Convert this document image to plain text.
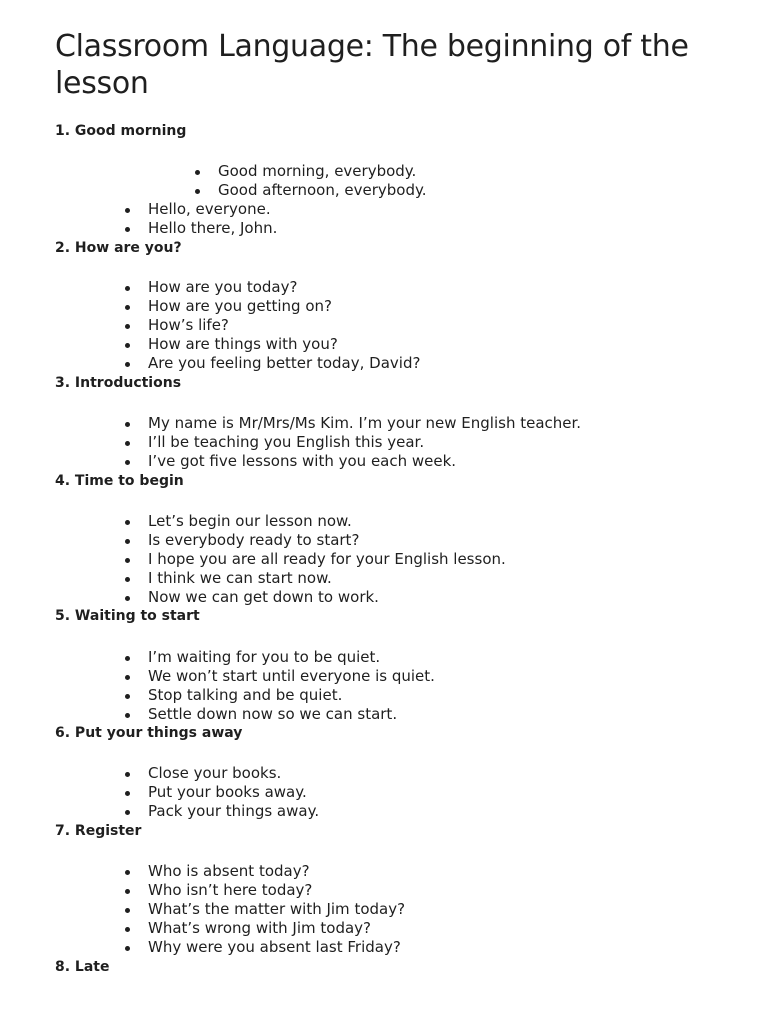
Classroom Language: The beginning of the lesson
1. Good morning
Good morning, everybody.
Good afternoon, everybody.
Hello, everyone.
Hello there, John.
2. How are you?
How are you today?
How are you getting on?
How’s life?
How are things with you?
Are you feeling better today, David?
3. Introductions
My name is Mr/Mrs/Ms Kim. I’m your new English teacher.
I’ll be teaching you English this year.
I’ve got five lessons with you each week.
4. Time to begin
Let’s begin our lesson now.
Is everybody ready to start?
I hope you are all ready for your English lesson.
I think we can start now.
Now we can get down to work.
5. Waiting to start
I’m waiting for you to be quiet.
We won’t start until everyone is quiet.
Stop talking and be quiet.
Settle down now so we can start.
6. Put your things away
Close your books.
Put your books away.
Pack your things away.
7. Register
Who is absent today?
Who isn’t here today?
What’s the matter with Jim today?
What’s wrong with Jim today?
Why were you absent last Friday?
8. Late
